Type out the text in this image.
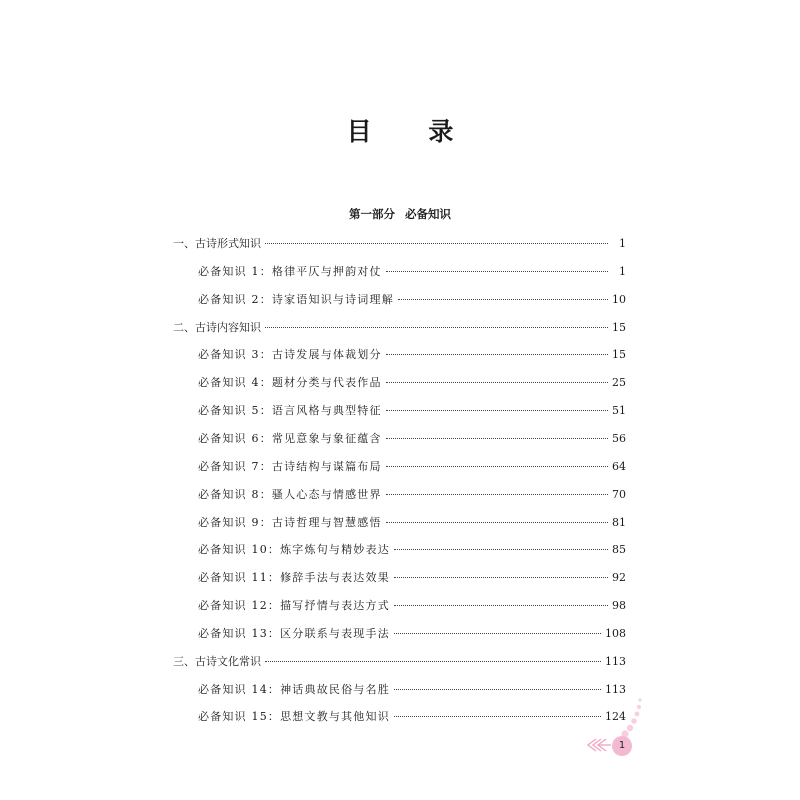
目 录
第一部分 必备知识
一、古诗形式知识	1
必备知识 1：格律平仄与押韵对仗	1
必备知识 2：诗家语知识与诗词理解	10
二、古诗内容知识	15
必备知识 3：古诗发展与体裁划分	15
必备知识 4：题材分类与代表作品	25
必备知识 5：语言风格与典型特征	51
必备知识 6：常见意象与象征蕴含	56
必备知识 7：古诗结构与谋篇布局	64
必备知识 8：骚人心态与情感世界	70
必备知识 9：古诗哲理与智慧感悟	81
必备知识 10：炼字炼句与精妙表达	85
必备知识 11：修辞手法与表达效果	92
必备知识 12：描写抒情与表达方式	98
必备知识 13：区分联系与表现手法	108
三、古诗文化常识	113
必备知识 14：神话典故民俗与名胜	113
必备知识 15：思想文教与其他知识	124
1
